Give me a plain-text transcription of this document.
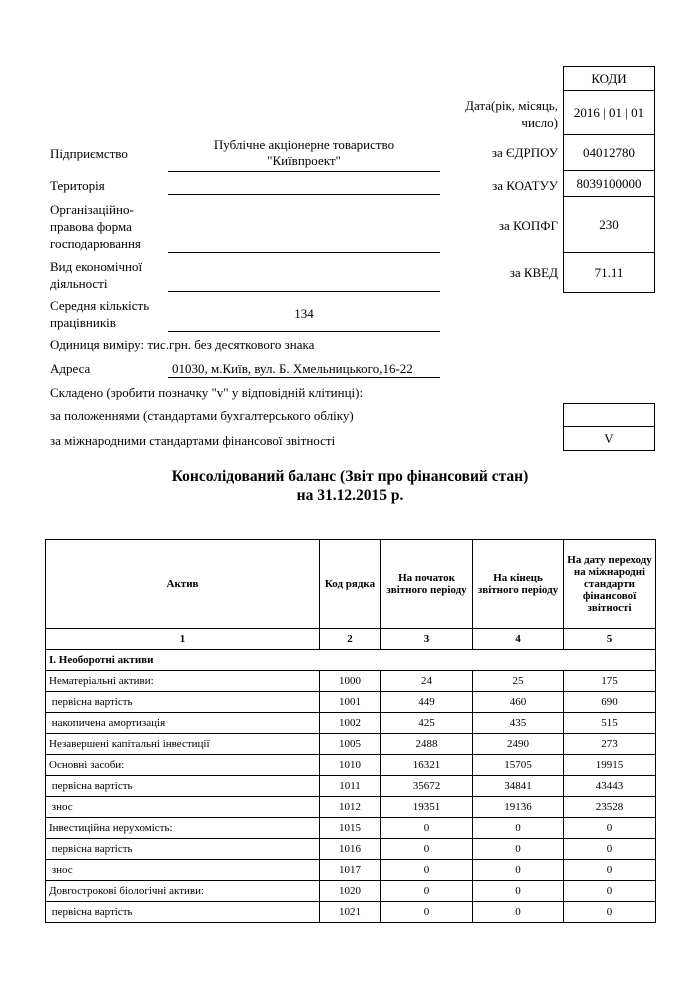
КОДИ
Дата(рік, місяць, число)
2016 | 01 | 01
за ЄДРПОУ	04012780
за КОАТУУ	8039100000
за КОПФГ	230
за КВЕД	71.11
Підприємство
Публічне акціонерне товариство
"Київпроект"
Територія
Організаційно-
правова форма
господарювання
Вид економічної
діяльності
Середня кількість
працівників
134
Одиниця виміру: тис.грн. без десяткового знака
Адреса	01030, м.Київ, вул. Б. Хмельницького,16-22
Складено (зробити позначку "v" у відповідній клітинці):
за положеннями (стандартами бухгалтерського обліку)
за міжнародними стандартами фінансової звітності	V
Консолідований баланс (Звіт про фінансовий стан)
на 31.12.2015 р.
Актив	Код рядка	На початок звітного періоду	На кінець звітного періоду	На дату переходу на міжнародні стандарти фінансової звітності
1	2	3	4	5
I. Необоротні активи				
Нематеріальні активи:	1000	24	25	175
первісна вартість	1001	449	460	690
накопичена амортизація	1002	425	435	515
Незавершені капітальні інвестиції	1005	2488	2490	273
Основні засоби:	1010	16321	15705	19915
первісна вартість	1011	35672	34841	43443
знос	1012	19351	19136	23528
Інвестиційна нерухомість:	1015	0	0	0
первісна вартість	1016	0	0	0
знос	1017	0	0	0
Довгострокові біологічні активи:	1020	0	0	0
первісна вартість	1021	0	0	0
